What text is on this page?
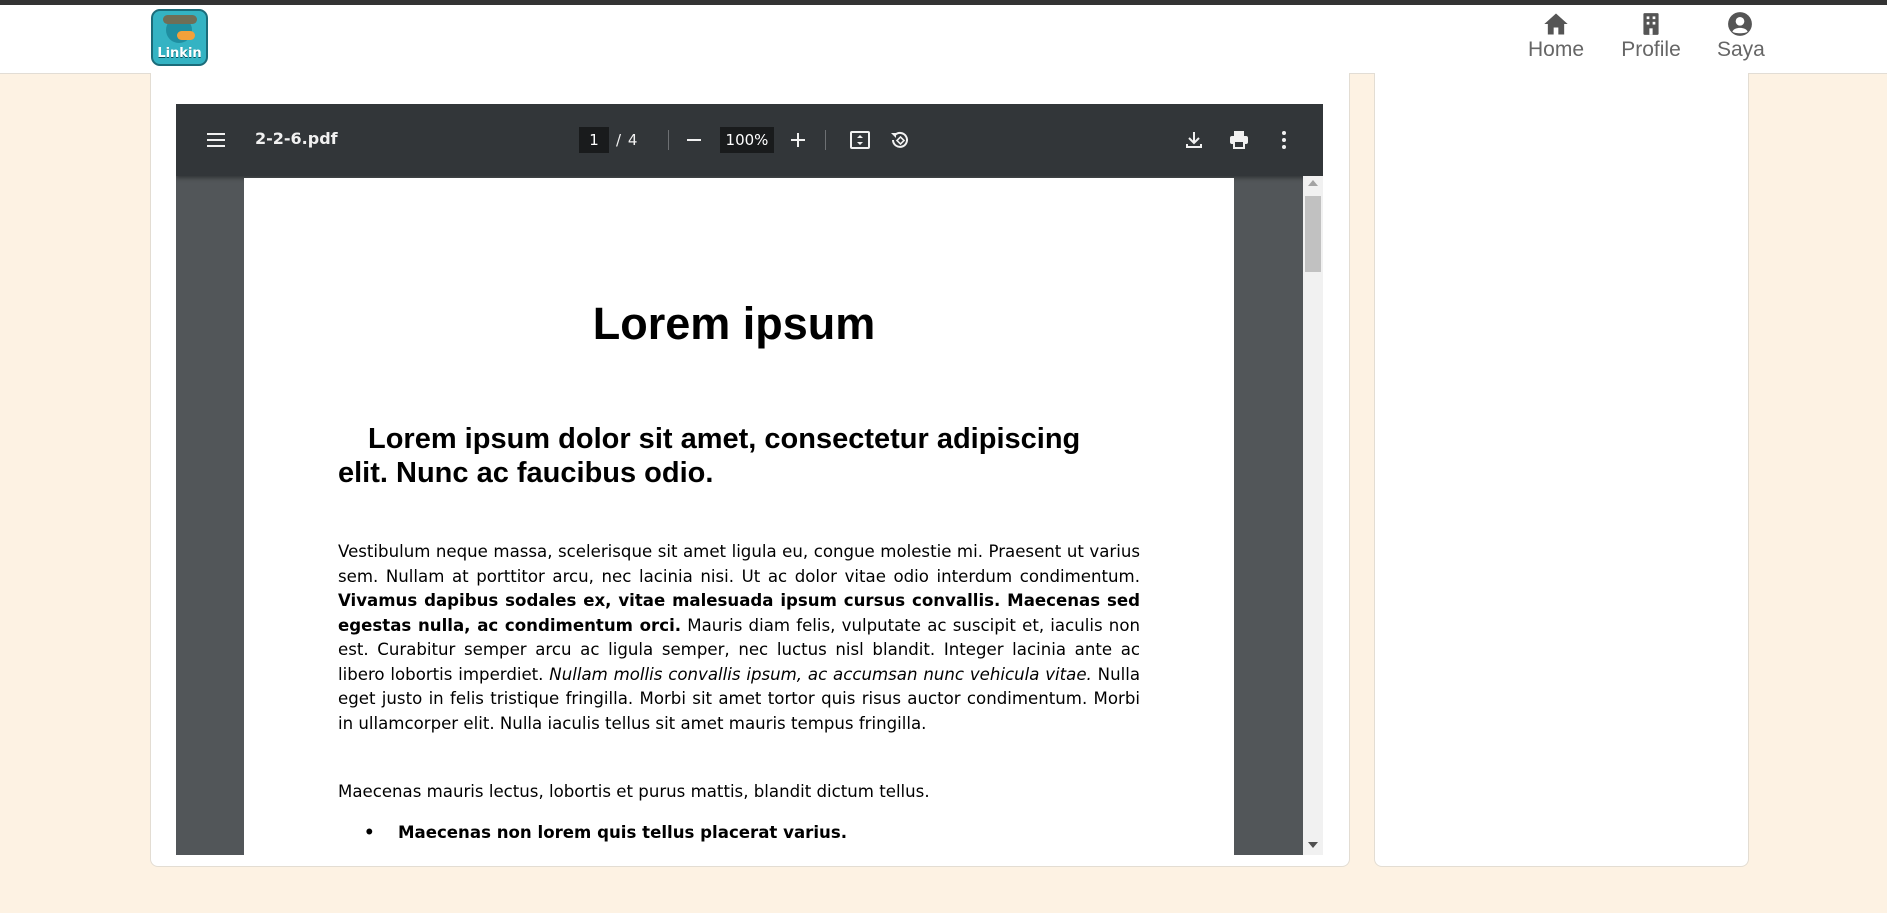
Linkin	Home Profile Saya
2-2-6.pdf	1	/ 4	100%
Lorem ipsum
Lorem ipsum dolor sit amet, consectetur adipiscing elit. Nunc ac faucibus odio.
Vestibulum neque massa, scelerisque sit amet ligula eu, congue molestie mi. Praesent ut varius sem. Nullam at porttitor arcu, nec lacinia nisi. Ut ac dolor vitae odio interdum condimentum. Vivamus dapibus sodales ex, vitae malesuada ipsum cursus convallis. Maecenas sed egestas nulla, ac condimentum orci. Mauris diam felis, vulputate ac suscipit et, iaculis non est. Curabitur semper arcu ac ligula semper, nec luctus nisl blandit. Integer lacinia ante ac libero lobortis imperdiet. Nullam mollis convallis ipsum, ac accumsan nunc vehicula vitae. Nulla eget justo in felis tristique fringilla. Morbi sit amet tortor quis risus auctor condimentum. Morbi in ullamcorper elit. Nulla iaculis tellus sit amet mauris tempus fringilla.
Maecenas mauris lectus, lobortis et purus mattis, blandit dictum tellus.
• Maecenas non lorem quis tellus placerat varius.
